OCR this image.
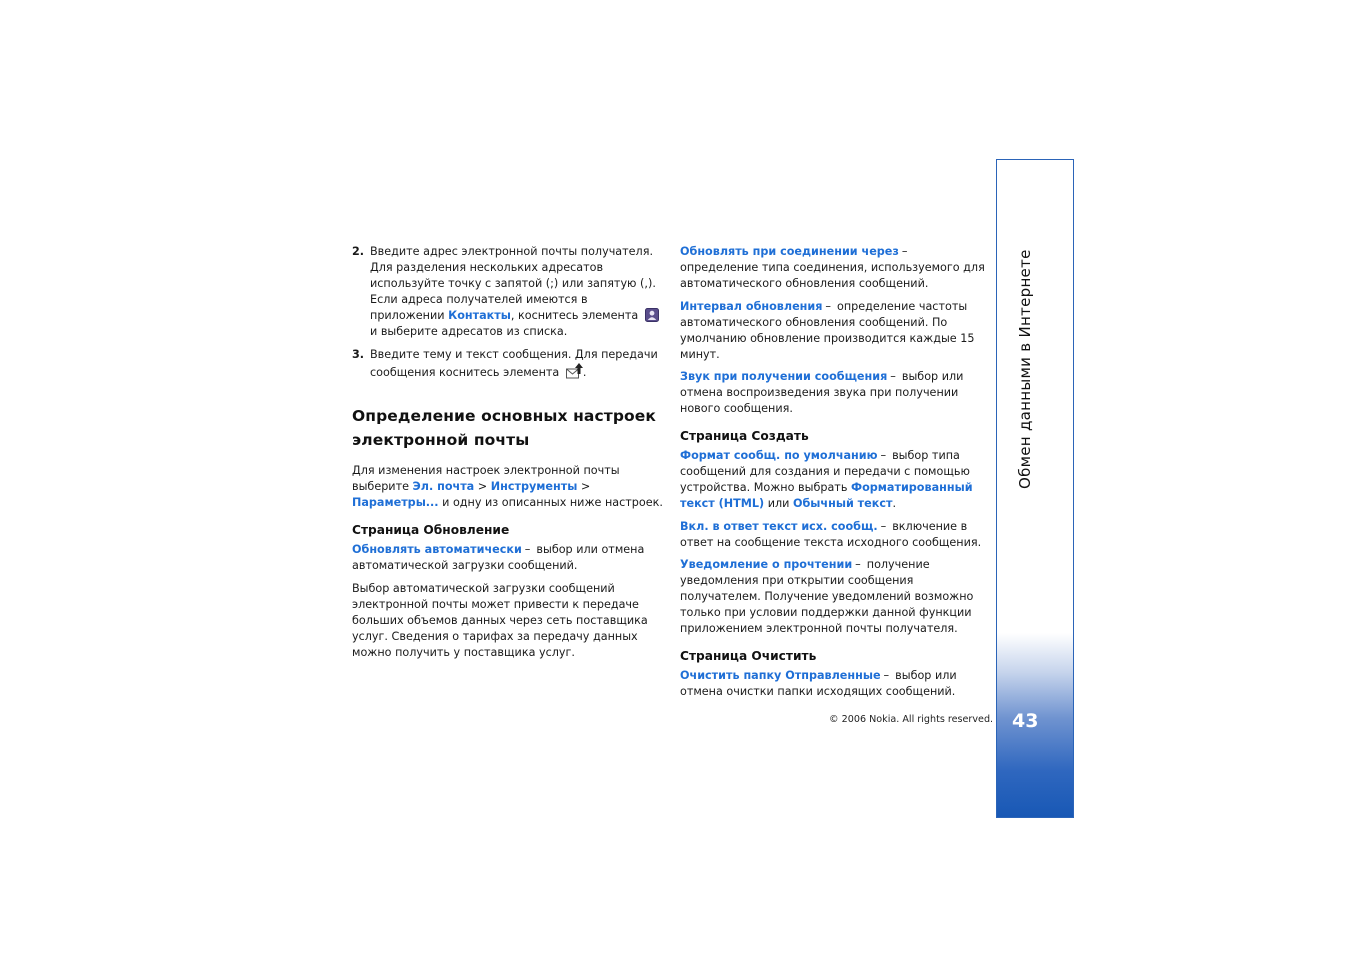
2. Введите адрес электронной почты получателя. Для разделения нескольких адресатов используйте точку с запятой (;) или запятую (,). Если адреса получателей имеются в приложении Контакты, коснитесь элемента  и выберите адресатов из списка.

3. Введите тему и текст сообщения. Для передачи сообщения коснитесь элемента .

Определение основных настроек электронной почты

Для изменения настроек электронной почты выберите Эл. почта > Инструменты > Параметры... и одну из описанных ниже настроек.

Страница Обновление

Обновлять автоматически – выбор или отмена автоматической загрузки сообщений.

Выбор автоматической загрузки сообщений электронной почты может привести к передаче больших объемов данных через сеть поставщика услуг. Сведения о тарифах за передачу данных можно получить у поставщика услуг.

Обновлять при соединении через –определение типа соединения, используемого для автоматического обновления сообщений.

Интервал обновления – определение частоты автоматического обновления сообщений. По умолчанию обновление производится каждые 15 минут.

Звук при получении сообщения – выбор или отмена воспроизведения звука при получении нового сообщения.

Страница Создать

Формат сообщ. по умолчанию – выбор типа сообщений для создания и передачи с помощью устройства. Можно выбрать Форматированный текст (HTML) или Обычный текст.

Вкл. в ответ текст исх. сообщ. – включение в ответ на сообщение текста исходного сообщения.

Уведомление о прочтении – получение уведомления при открытии сообщения получателем. Получение уведомлений возможно только при условии поддержки данной функции приложением электронной почты получателя.

Страница Очистить

Очистить папку Отправленные – выбор или отмена очистки папки исходящих сообщений.

© 2006 Nokia. All rights reserved.
Обмен данными в Интернете
43
